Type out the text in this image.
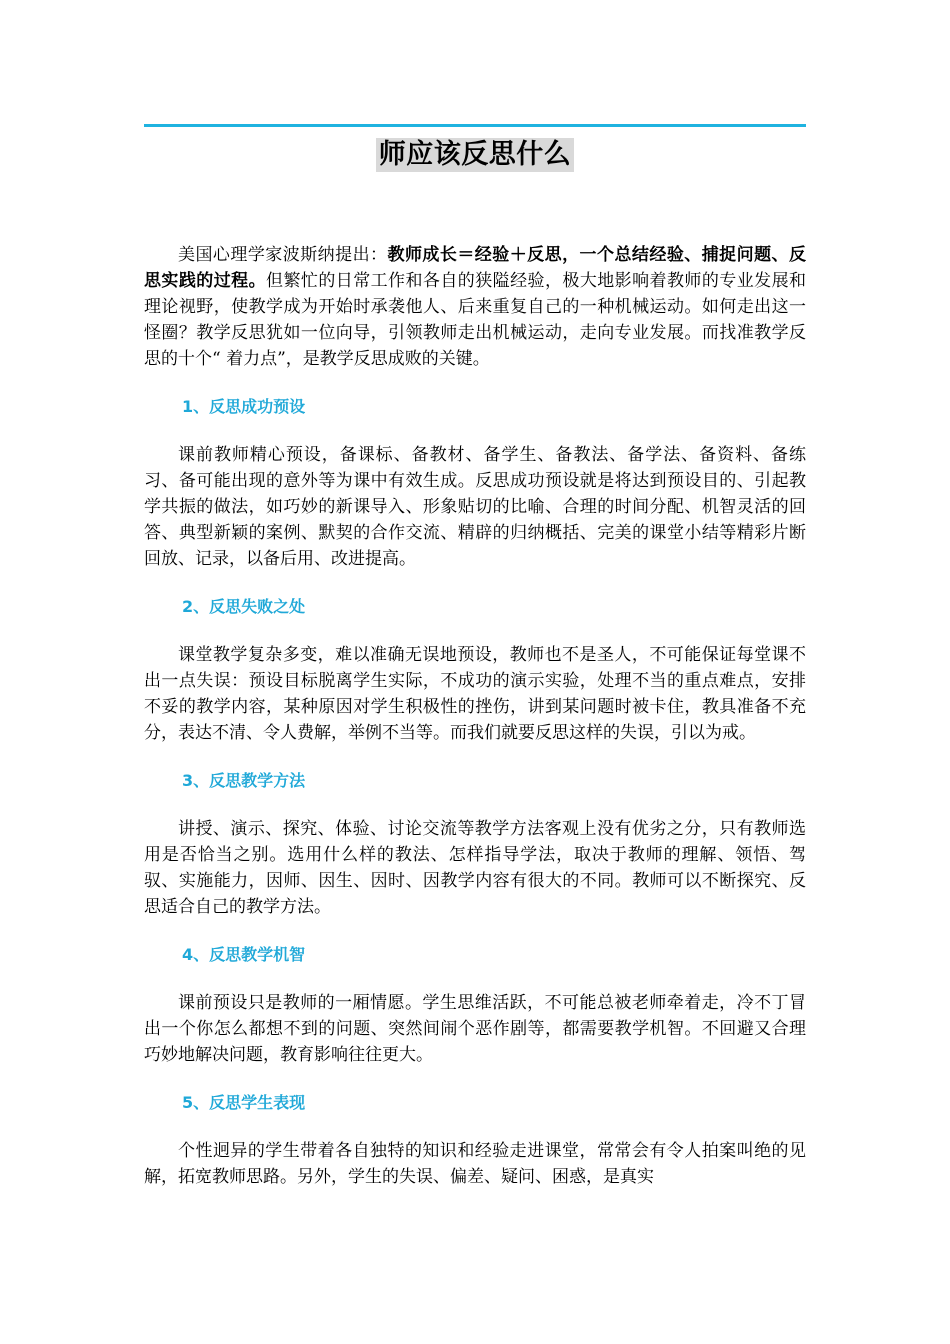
师应该反思什么

美国心理学家波斯纳提出：教师成长＝经验＋反思，一个总结经验、捕捉问题、反思实践的过程。但繁忙的日常工作和各自的狭隘经验，极大地影响着教师的专业发展和理论视野，使教学成为开始时承袭他人、后来重复自己的一种机械运动。如何走出这一怪圈？教学反思犹如一位向导，引领教师走出机械运动，走向专业发展。而找准教学反思的十个“ 着力点”，是教学反思成败的关键。

1、反思成功预设

课前教师精心预设，备课标、备教材、备学生、备教法、备学法、备资料、备练习、备可能出现的意外等为课中有效生成。反思成功预设就是将达到预设目的、引起教学共振的做法，如巧妙的新课导入、形象贴切的比喻、合理的时间分配、机智灵活的回答、典型新颖的案例、默契的合作交流、精辟的归纳概括、完美的课堂小结等精彩片断回放、记录，以备后用、改进提高。

2、反思失败之处

课堂教学复杂多变，难以准确无误地预设，教师也不是圣人，不可能保证每堂课不出一点失误：预设目标脱离学生实际，不成功的演示实验，处理不当的重点难点，安排不妥的教学内容，某种原因对学生积极性的挫伤，讲到某问题时被卡住，教具准备不充分，表达不清、令人费解，举例不当等。而我们就要反思这样的失误，引以为戒。

3、反思教学方法

讲授、演示、探究、体验、讨论交流等教学方法客观上没有优劣之分，只有教师选用是否恰当之别。选用什么样的教法、怎样指导学法，取决于教师的理解、领悟、驾驭、实施能力，因师、因生、因时、因教学内容有很大的不同。教师可以不断探究、反思适合自己的教学方法。

4、反思教学机智

课前预设只是教师的一厢情愿。学生思维活跃，不可能总被老师牵着走，冷不丁冒出一个你怎么都想不到的问题、突然间闹个恶作剧等，都需要教学机智。不回避又合理巧妙地解决问题，教育影响往往更大。

5、反思学生表现

个性迥异的学生带着各自独特的知识和经验走进课堂，常常会有令人拍案叫绝的见解，拓宽教师思路。另外，学生的失误、偏差、疑问、困惑，是真实
